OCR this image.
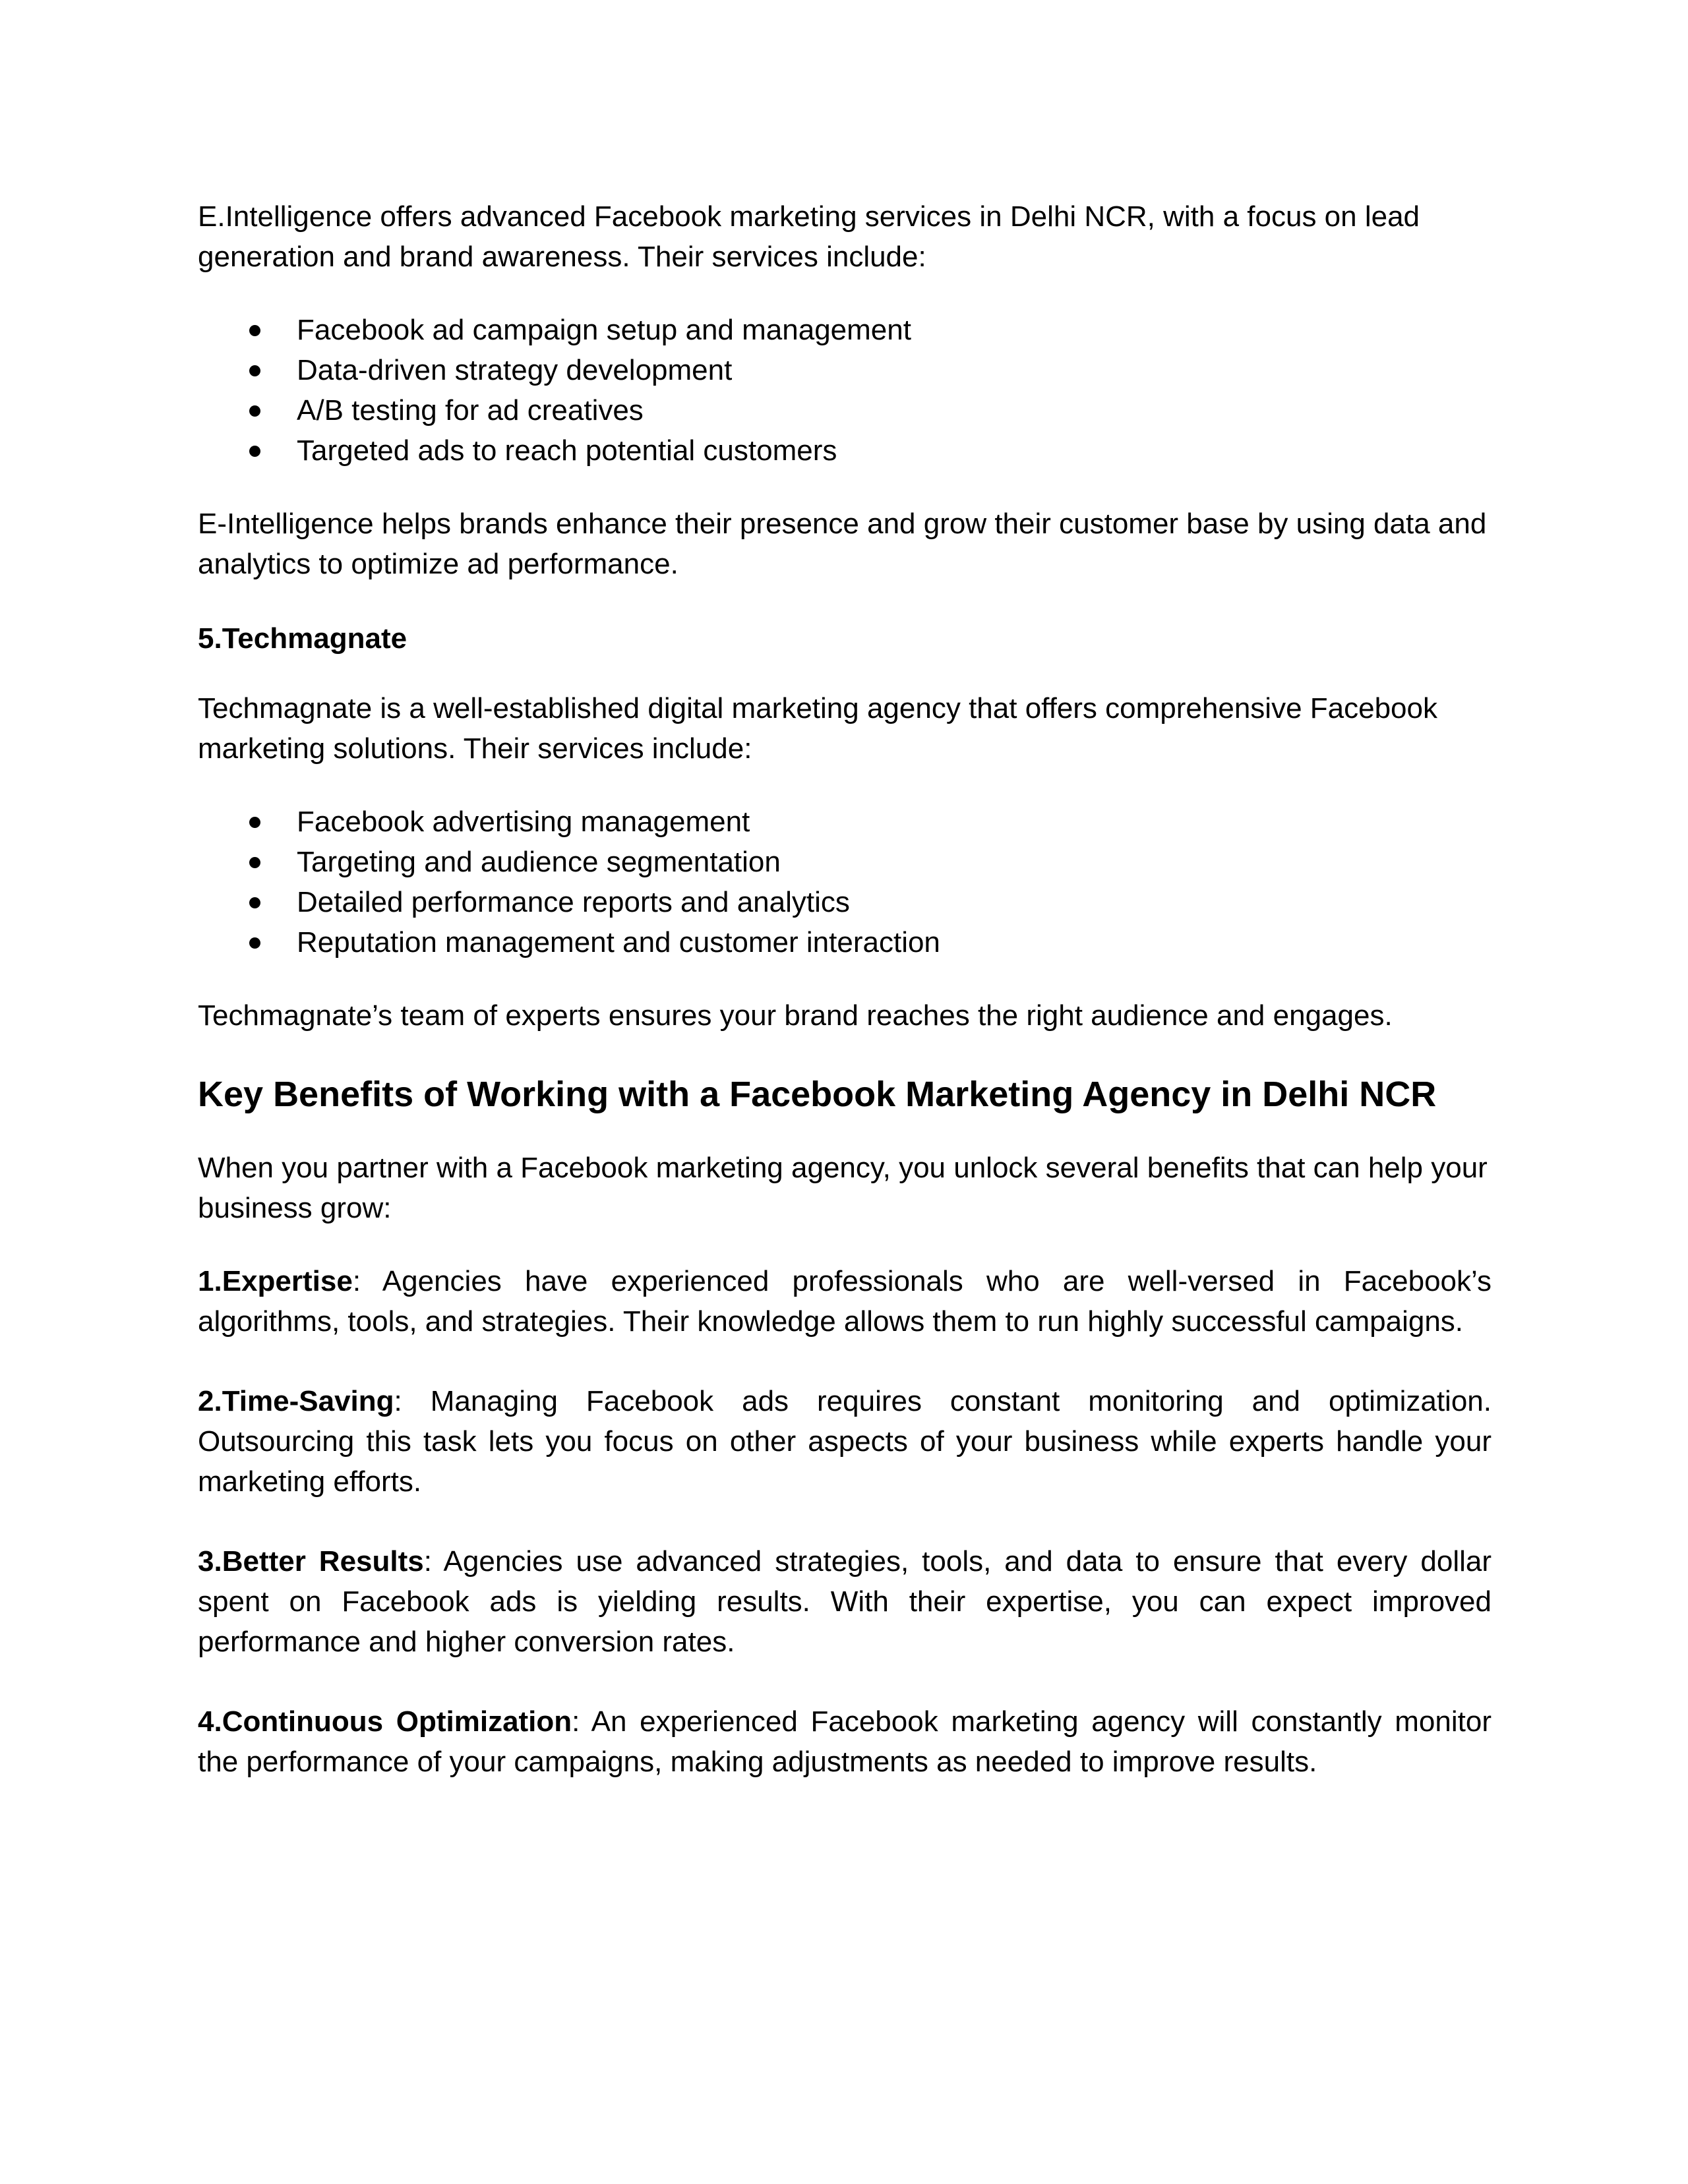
E.Intelligence offers advanced Facebook marketing services in Delhi NCR, with a focus on lead generation and brand awareness. Their services include:

Facebook ad campaign setup and management
Data-driven strategy development
A/B testing for ad creatives
Targeted ads to reach potential customers

E-Intelligence helps brands enhance their presence and grow their customer base by using data and analytics to optimize ad performance.

5.Techmagnate

Techmagnate is a well-established digital marketing agency that offers comprehensive Facebook marketing solutions. Their services include:

Facebook advertising management
Targeting and audience segmentation
Detailed performance reports and analytics
Reputation management and customer interaction

Techmagnate’s team of experts ensures your brand reaches the right audience and engages.

Key Benefits of Working with a Facebook Marketing Agency in Delhi NCR

When you partner with a Facebook marketing agency, you unlock several benefits that can help your business grow:

1.Expertise: Agencies have experienced professionals who are well-versed in Facebook’s algorithms, tools, and strategies. Their knowledge allows them to run highly successful campaigns.

2.Time-Saving: Managing Facebook ads requires constant monitoring and optimization. Outsourcing this task lets you focus on other aspects of your business while experts handle your marketing efforts.

3.Better Results: Agencies use advanced strategies, tools, and data to ensure that every dollar spent on Facebook ads is yielding results. With their expertise, you can expect improved performance and higher conversion rates.

4.Continuous Optimization: An experienced Facebook marketing agency will constantly monitor the performance of your campaigns, making adjustments as needed to improve results.
